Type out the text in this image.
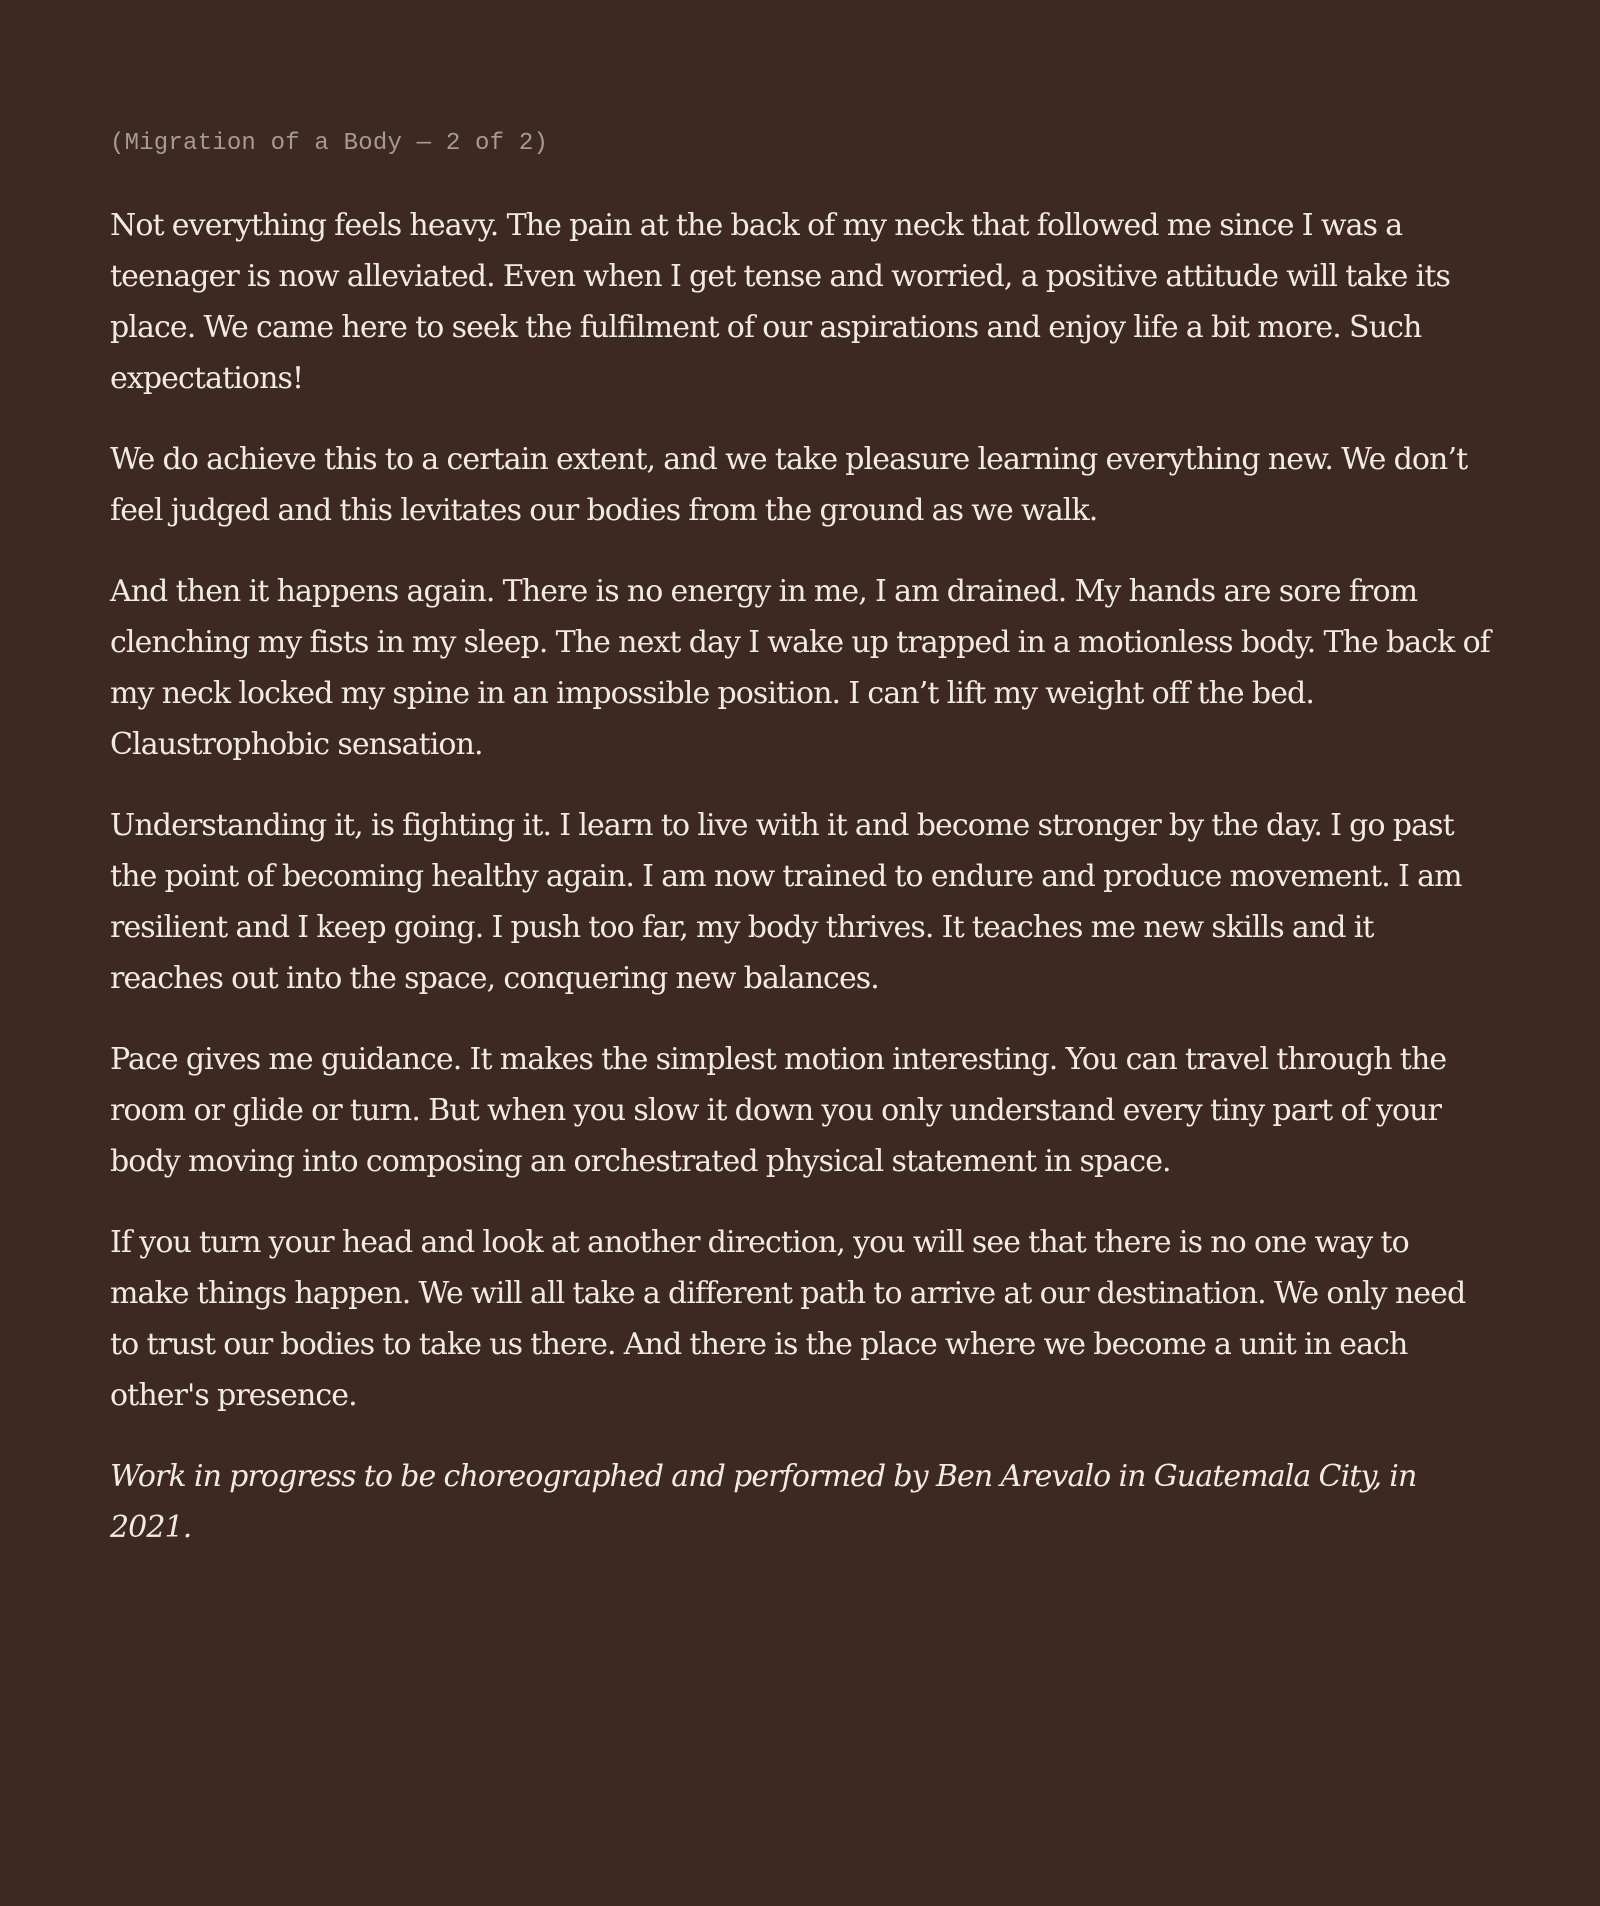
(Migration of a Body — 2 of 2)

Not everything feels heavy. The pain at the back of my neck that followed me since I was a teenager is now alleviated. Even when I get tense and worried, a positive attitude will take its place. We came here to seek the fulfilment of our aspirations and enjoy life a bit more. Such expectations!

We do achieve this to a certain extent, and we take pleasure learning everything new. We don’t feel judged and this levitates our bodies from the ground as we walk.

And then it happens again. There is no energy in me, I am drained. My hands are sore from clenching my fists in my sleep. The next day I wake up trapped in a motionless body. The back of my neck locked my spine in an impossible position. I can’t lift my weight off the bed. Claustrophobic sensation.

Understanding it, is fighting it. I learn to live with it and become stronger by the day. I go past the point of becoming healthy again. I am now trained to endure and produce movement. I am resilient and I keep going. I push too far, my body thrives. It teaches me new skills and it reaches out into the space, conquering new balances.

Pace gives me guidance. It makes the simplest motion interesting. You can travel through the room or glide or turn. But when you slow it down you only understand every tiny part of your body moving into composing an orchestrated physical statement in space.

If you turn your head and look at another direction, you will see that there is no one way to make things happen. We will all take a different path to arrive at our destination. We only need to trust our bodies to take us there. And there is the place where we become a unit in each other's presence.

Work in progress to be choreographed and performed by Ben Arevalo in Guatemala City, in 2021.
